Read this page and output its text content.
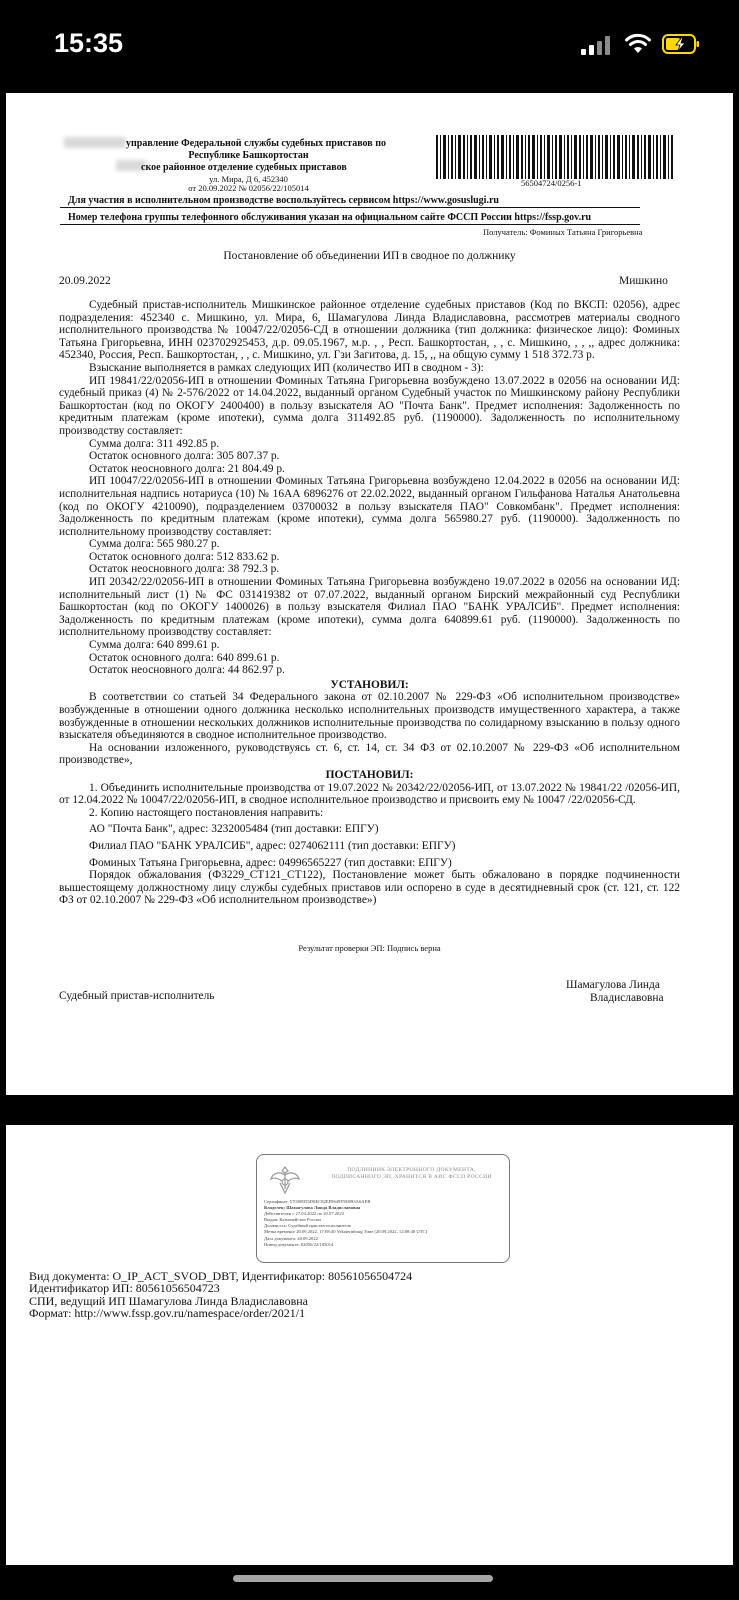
15:35
управление Федеральной службы судебных приставов по
Республике Башкортостан
ское районное отделение судебных приставов
ул. Мира, Д 6, 452340
от 20.09.2022 № 02056/22/105014	56504724/0256-1
Для участия в исполнительном производстве воспользуйтесь сервисом https://www.gosuslugi.ru
Номер телефона группы телефонного обслуживания указан на официальном сайте ФССП России https://fssp.gov.ru
Получатель: Фоминых Татьяна Григорьевна
Постановление об объединении ИП в сводное по должнику
20.09.2022	Мишкино

Судебный пристав-исполнитель Мишкинское районное отделение судебных приставов (Код по ВКСП: 02056), адрес подразделения: 452340 с. Мишкино, ул. Мира, 6, Шамагулова Линда Владиславовна, рассмотрев материалы сводного исполнительного производства № 10047/22/02056-СД в отношении должника (тип должника: физическое лицо): Фоминых Татьяна Григорьевна, ИНН 023702925453, д.р. 09.05.1967, м.р. , , Респ. Башкортостан, , , с. Мишкино, , , ,, адрес должника: 452340, Россия, Респ. Башкортостан, , , с. Мишкино, ул. Гзи Загитова, д. 15, ,, на общую сумму 1 518 372.73 р.

Взыскание выполняется в рамках следующих ИП (количество ИП в сводном - 3):

ИП 19841/22/02056-ИП в отношении Фоминых Татьяна Григорьевна возбуждено 13.07.2022 в 02056 на основании ИД: судебный приказ (4) № 2-576/2022 от 14.04.2022, выданный органом Судебный участок по Мишкинскому району Республики Башкортостан (код по ОКОГУ 2400400) в пользу взыскателя АО "Почта Банк". Предмет исполнения: Задолженность по кредитным платежам (кроме ипотеки), сумма долга 311492.85 руб. (1190000). Задолженность по исполнительному производству составляет:

Сумма долга: 311 492.85 р.
Остаток основного долга: 305 807.37 р.
Остаток неосновного долга: 21 804.49 р.

ИП 10047/22/02056-ИП в отношении Фоминых Татьяна Григорьевна возбуждено 12.04.2022 в 02056 на основании ИД: исполнительная надпись нотариуса (10) № 16АА 6896276 от 22.02.2022, выданный органом Гильфанова Наталья Анатольевна (код по ОКОГУ 4210090), подразделением 03700032 в пользу взыскателя ПАО" Совкомбанк". Предмет исполнения: Задолженность по кредитным платежам (кроме ипотеки), сумма долга 565980.27 руб. (1190000). Задолженность по исполнительному производству составляет:

Сумма долга: 565 980.27 р.
Остаток основного долга: 512 833.62 р.
Остаток неосновного долга: 38 792.3 р.

ИП 20342/22/02056-ИП в отношении Фоминых Татьяна Григорьевна возбуждено 19.07.2022 в 02056 на основании ИД: исполнительный лист (1) № ФС 031419382 от 07.07.2022, выданный органом Бирский межрайонный суд Республики Башкортостан (код по ОКОГУ 1400026) в пользу взыскателя Филиал ПАО "БАНК УРАЛСИБ". Предмет исполнения: Задолженность по кредитным платежам (кроме ипотеки), сумма долга 640899.61 руб. (1190000). Задолженность по исполнительному производству составляет:

Сумма долга: 640 899.61 р.
Остаток основного долга: 640 899.61 р.
Остаток неосновного долга: 44 862.97 р.

УСТАНОВИЛ:

В соответствии со статьей 34 Федерального закона от 02.10.2007 № 229-ФЗ «Об исполнительном производстве» возбужденные в отношении одного должника несколько исполнительных производств имущественного характера, а также возбужденные в отношении нескольких должников исполнительные производства по солидарному взысканию в пользу одного взыскателя объединяются в сводное исполнительное производство.

На основании изложенного, руководствуясь ст. 6, ст. 14, ст. 34 ФЗ от 02.10.2007 № 229-ФЗ «Об исполнительном производстве»,

ПОСТАНОВИЛ:

1. Объединить исполнительные производства от 19.07.2022 № 20342/22/02056-ИП, от 13.07.2022 № 19841/22 /02056-ИП, от 12.04.2022 № 10047/22/02056-ИП, в сводное исполнительное производство и присвоить ему № 10047 /22/02056-СД.

2. Копию настоящего постановления направить:

АО "Почта Банк", адрес: 3232005484 (тип доставки: ЕПГУ)
Филиал ПАО "БАНК УРАЛСИБ", адрес: 0274062111 (тип доставки: ЕПГУ)
Фоминых Татьяна Григорьевна, адрес: 04996565227 (тип доставки: ЕПГУ)

Порядок обжалования (Ф3229_СТ121_СТ122), Постановление может быть обжаловано в порядке подчиненности вышестоящему должностному лицу службы судебных приставов или оспорено в суде в десятидневный срок (ст. 121, ст. 122 ФЗ от 02.10.2007 № 229-ФЗ «Об исполнительном производстве»)

Результат проверки ЭП: Подпись верна
Судебный пристав-исполнитель
Шамагулова Линда
Владиславовна
ПОДЛИННИК ЭЛЕКТРОННОГО ДОКУМЕНТА,
ПОДПИСАННОГО ЭП, ХРАНИТСЯ В АИС ФССП РОССИИ
Сертификат: 57030ED3D0EC82EF8649F5E0B3A6AEB
Владелец: Шамагулова Линда Владиславовна
Действителен с 27.04.2022 по 20.07.2023
Выдан: Казначейство России
Должность: Судебный пристав-исполнитель
Метка времени: 20.09.2022, 17:08:40 Yekaterinburg Time (20.09.2022, 12:08:40 UTC)
Дата документа: 20.09.2022
Номер документа: 02056/22/105014
Вид документа: O_IP_ACT_SVOD_DBT, Идентификатор: 80561056504724
Идентификатор ИП: 80561056504723
СПИ, ведущий ИП Шамагулова Линда Владиславовна
Формат: http://www.fssp.gov.ru/namespace/order/2021/1
